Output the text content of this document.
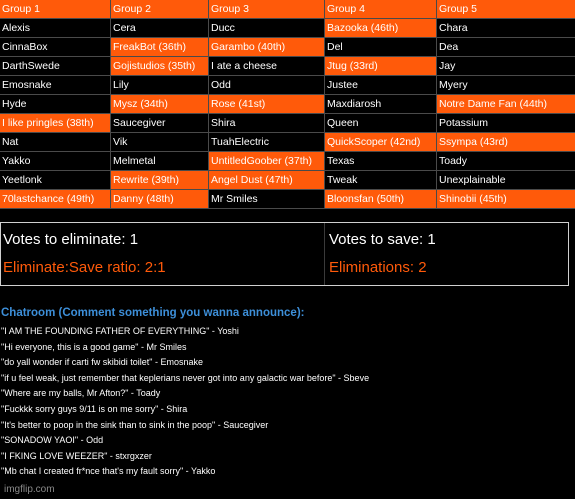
Group 1	Group 2	Group 3	Group 4	Group 5
Alexis	Cera	Ducc	Bazooka (46th)	Chara
CinnaBox	FreakBot (36th)	Garambo (40th)	Del	Dea
DarthSwede	Gojistudios (35th)	I ate a cheese	Jtug (33rd)	Jay
Emosnake	Lily	Odd	Justee	Myery
Hyde	Mysz (34th)	Rose (41st)	Maxdiarosh	Notre Dame Fan (44th)
I like pringles (38th)	Saucegiver	Shira	Queen	Potassium
Nat	Vik	TuahElectric	QuickScoper (42nd)	Ssympa (43rd)
Yakko	Melmetal	UntitledGoober (37th)	Texas	Toady
Yeetlonk	Rewrite (39th)	Angel Dust (47th)	Tweak	Unexplainable
70lastchance (49th)	Danny (48th)	Mr Smiles	Bloonsfan (50th)	Shinobii (45th)
Votes to eliminate: 1	Votes to save: 1
Eliminate:Save ratio: 2:1	Eliminations: 2
Chatroom (Comment something you wanna announce):
"I AM THE FOUNDING FATHER OF EVERYTHING" - Yoshi
"Hi everyone, this is a good game" - Mr Smiles
"do yall wonder if carti fw skibidi toilet" - Emosnake
"if u feel weak, just remember that keplerians never got into any galactic war before" - Sbeve
"Where are my balls, Mr Afton?" - Toady
"Fuckkk sorry guys 9/11 is on me sorry" - Shira
"It's better to poop in the sink than to sink in the poop" - Saucegiver
"SONADOW YAOI" - Odd
"I FKING LOVE WEEZER" - stxrgxzer
"Mb chat I created fr*nce that's my fault sorry" - Yakko
imgflip.com
